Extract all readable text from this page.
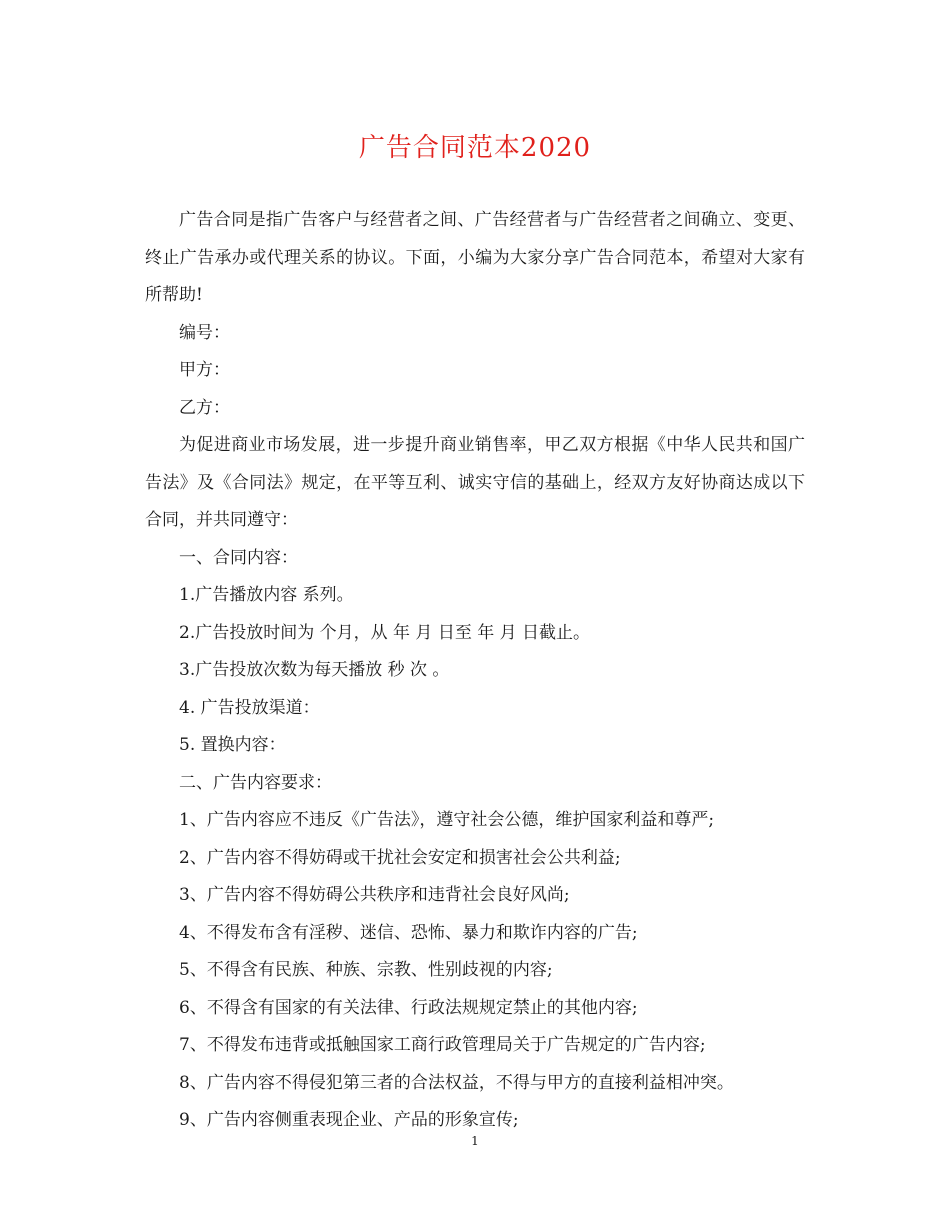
广告合同范本2020

广告合同是指广告客户与经营者之间、广告经营者与广告经营者之间确立、变更、终止广告承办或代理关系的协议。下面，小编为大家分享广告合同范本，希望对大家有所帮助!

编号：

甲方：

乙方：

为促进商业市场发展，进一步提升商业销售率，甲乙双方根据《中华人民共和国广告法》及《合同法》规定，在平等互利、诚实守信的基础上，经双方友好协商达成以下合同，并共同遵守：

一、合同内容：

1.广告播放内容 系列。

2.广告投放时间为 个月，从 年 月 日至 年 月 日截止。

3.广告投放次数为每天播放 秒 次 。

4. 广告投放渠道：

5. 置换内容：

二、广告内容要求：

1、广告内容应不违反《广告法》，遵守社会公德，维护国家利益和尊严;

2、广告内容不得妨碍或干扰社会安定和损害社会公共利益;

3、广告内容不得妨碍公共秩序和违背社会良好风尚;

4、不得发布含有淫秽、迷信、恐怖、暴力和欺诈内容的广告;

5、不得含有民族、种族、宗教、性别歧视的内容;

6、不得含有国家的有关法律、行政法规规定禁止的其他内容;

7、不得发布违背或抵触国家工商行政管理局关于广告规定的广告内容;

8、广告内容不得侵犯第三者的合法权益，不得与甲方的直接利益相冲突。

9、广告内容侧重表现企业、产品的形象宣传;

1
